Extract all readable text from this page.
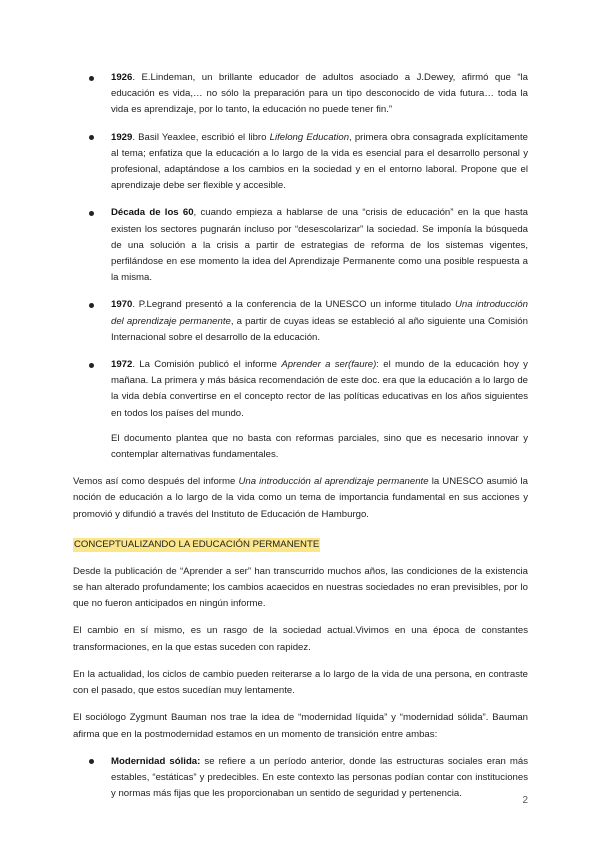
1926. E.Lindeman, un brillante educador de adultos asociado a J.Dewey, afirmó que “la educación es vida,… no sólo la preparación para un tipo desconocido de vida futura… toda la vida es aprendizaje, por lo tanto, la educación no puede tener fin.”
1929. Basil Yeaxlee, escribió el libro Lifelong Education, primera obra consagrada explícitamente al tema; enfatiza que la educación a lo largo de la vida es esencial para el desarrollo personal y profesional, adaptándose a los cambios en la sociedad y en el entorno laboral. Propone que el aprendizaje debe ser flexible y accesible.
Década de los 60, cuando empieza a hablarse de una “crisis de educación” en la que hasta existen los sectores pugnarán incluso por “desescolarizar” la sociedad. Se imponía la búsqueda de una solución a la crisis a partir de estrategias de reforma de los sistemas vigentes, perfilándose en ese momento la idea del Aprendizaje Permanente como una posible respuesta a la misma.
1970. P.Legrand presentó a la conferencia de la UNESCO un informe titulado Una introducción del aprendizaje permanente, a partir de cuyas ideas se estableció al año siguiente una Comisión Internacional sobre el desarrollo de la educación.
1972. La Comisión publicó el informe Aprender a ser(faure): el mundo de la educación hoy y mañana. La primera y más básica recomendación de este doc. era que la educación a lo largo de la vida debía convertirse en el concepto rector de las políticas educativas en los años siguientes en todos los países del mundo.

El documento plantea que no basta con reformas parciales, sino que es necesario innovar y contemplar alternativas fundamentales.

Vemos así como después del informe Una introducción al aprendizaje permanente la UNESCO asumió la noción de educación a lo largo de la vida como un tema de importancia fundamental en sus acciones y promovió y difundió a través del Instituto de Educación de Hamburgo.

CONCEPTUALIZANDO LA EDUCACIÓN PERMANENTE

Desde la publicación de “Aprender a ser” han transcurrido muchos años, las condiciones de la existencia se han alterado profundamente; los cambios acaecidos en nuestras sociedades no eran previsibles, por lo que no fueron anticipados en ningún informe.

El cambio en sí mismo, es un rasgo de la sociedad actual.Vivimos en una época de constantes transformaciones, en la que estas suceden con rapidez.

En la actualidad, los ciclos de cambio pueden reiterarse a lo largo de la vida de una persona, en contraste con el pasado, que estos sucedían muy lentamente.

El sociólogo Zygmunt Bauman nos trae la idea de “modernidad líquida” y “modernidad sólida”. Bauman afirma que en la postmodernidad estamos en un momento de transición entre ambas:

Modernidad sólida: se refiere a un período anterior, donde las estructuras sociales eran más estables, “estáticas” y predecibles. En este contexto las personas podían contar con instituciones y normas más fijas que les proporcionaban un sentido de seguridad y pertenencia.
2
